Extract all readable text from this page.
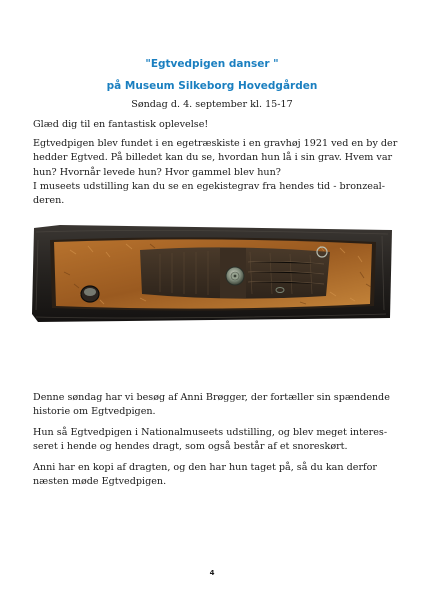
"Egtvedpigen danser "
på Museum Silkeborg Hovedgården
Søndag d. 4. september kl. 15-17

Glæd dig til en fantastisk oplevelse!

Egtvedpigen blev fundet i en egetræskiste i en gravhøj 1921 ved en by der hedder Egtved. På billedet kan du se, hvordan hun lå i sin grav. Hvem var hun? Hvornår levede hun? Hvor gammel blev hun?

I museets udstilling kan du se en egekistegrav fra hendes tid - bronzeal-deren.

Denne søndag har vi besøg af Anni Brøgger, der fortæller sin spændende historie om Egtvedpigen.

Hun så Egtvedpigen i Nationalmuseets udstilling, og blev meget interes-seret i hende og hendes dragt, som også består af et snoreskørt.

Anni har en kopi af dragten, og den har hun taget på, så du kan derfor næsten møde Egtvedpigen.

4
